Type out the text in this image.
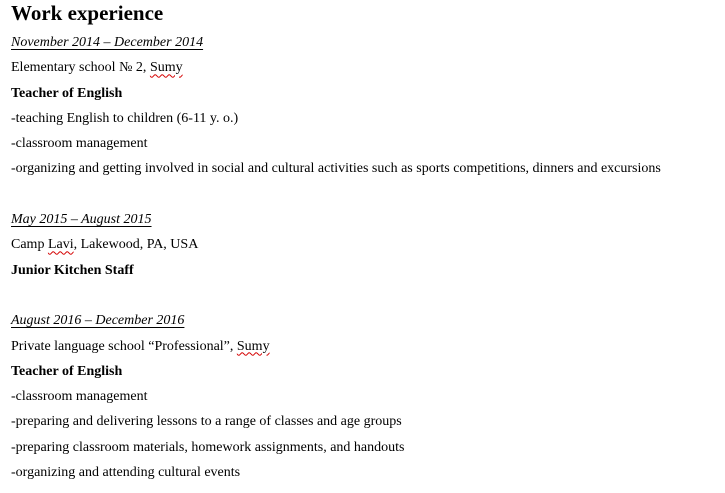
Work experience
November 2014 – December 2014
Elementary school № 2, Sumy
Teacher of English
-teaching English to children (6-11 y. o.)
-classroom management
-organizing and getting involved in social and cultural activities such as sports competitions, dinners and excursions
May 2015 – August 2015
Camp Lavi, Lakewood, PA, USA
Junior Kitchen Staff
August 2016 – December 2016
Private language school “Professional”, Sumy
Teacher of English
-classroom management
-preparing and delivering lessons to a range of classes and age groups
-preparing classroom materials, homework assignments, and handouts
-organizing and attending cultural events
